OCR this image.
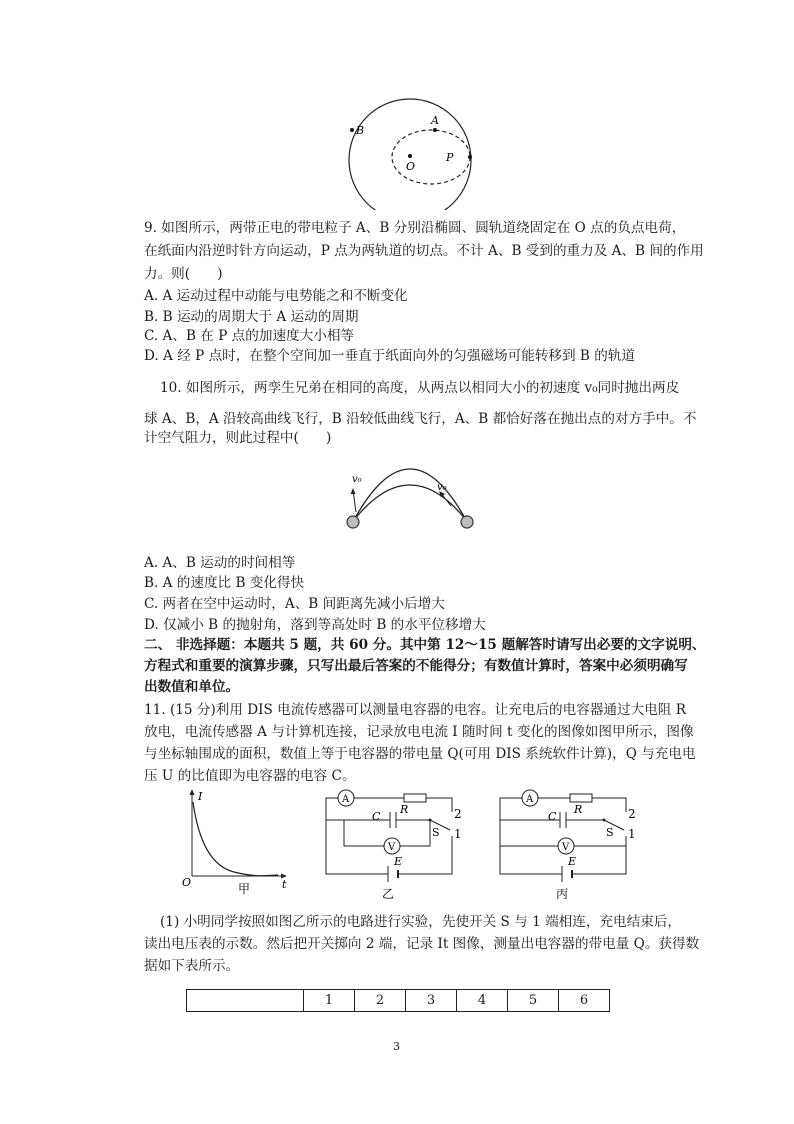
B
A
O
P
9. 如图所示，两带正电的带电粒子 A、B 分别沿椭圆、圆轨道绕固定在 O 点的负点电荷，
在纸面内沿逆时针方向运动，P 点为两轨道的切点。不计 A、B 受到的重力及 A、B 间的作用
力。则(　　)
A. A 运动过程中动能与电势能之和不断变化
B. B 运动的周期大于 A 运动的周期
C. A、B 在 P 点的加速度大小相等
D. A 经 P 点时，在整个空间加一垂直于纸面向外的匀强磁场可能转移到 B 的轨道
10. 如图所示，两孪生兄弟在相同的高度，从两点以相同大小的初速度 v₀同时抛出两皮
球 A、B，A 沿较高曲线飞行，B 沿较低曲线飞行，A、B 都恰好落在抛出点的对方手中。不
计空气阻力，则此过程中(　　)
v₀
v₀
A. A、B 运动的时间相等
B. A 的速度比 B 变化得快
C. 两者在空中运动时，A、B 间距离先减小后增大
D. 仅减小 B 的抛射角，落到等高处时 B 的水平位移增大
二、 非选择题：本题共 5 题，共 60 分。其中第 12～15 题解答时请写出必要的文字说明、
方程式和重要的演算步骤，只写出最后答案的不能得分；有数值计算时，答案中必须明确写
出数值和单位。
11. (15 分)利用 DIS 电流传感器可以测量电容器的电容。让充电后的电容器通过大电阻 R
放电，电流传感器 A 与计算机连接，记录放电电流 I 随时间 t 变化的图像如图甲所示，图像
与坐标轴围成的面积，数值上等于电容器的带电量 Q(可用 DIS 系统软件计算)，Q 与充电电
压 U 的比值即为电容器的电容 C。
I
O	t
甲
A
R
C
S
V
E
2
1
乙
A
R
C
S
V
E
2
1
丙
(1) 小明同学按照如图乙所示的电路进行实验，先使开关 S 与 1 端相连，充电结束后，
读出电压表的示数。然后把开关掷向 2 端，记录 It 图像，测量出电容器的带电量 Q。获得数
据如下表所示。
	1	2	3	4	5	6
3
